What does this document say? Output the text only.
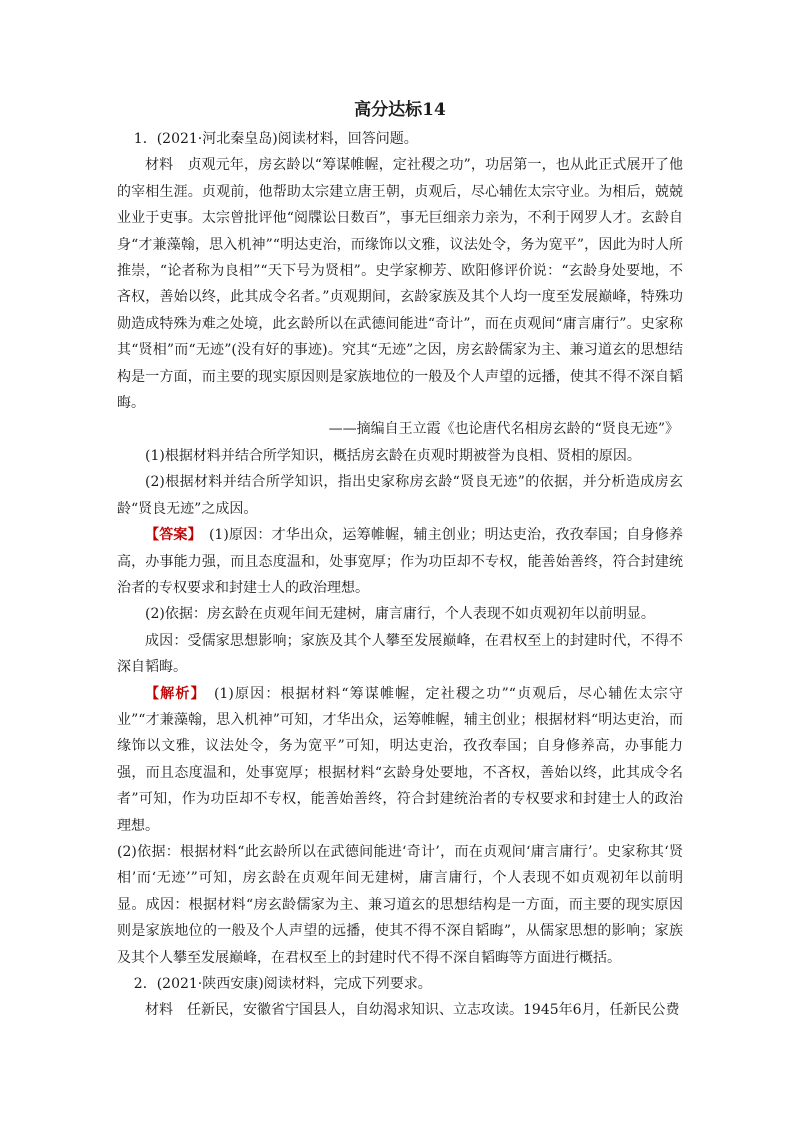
高分达标14

1．(2021·河北秦皇岛)阅读材料，回答问题。

材料　贞观元年，房玄龄以“筹谋帷幄，定社稷之功”，功居第一，也从此正式展开了他的宰相生涯。贞观前，他帮助太宗建立唐王朝，贞观后，尽心辅佐太宗守业。为相后，兢兢业业于吏事。太宗曾批评他“阅牒讼日数百”，事无巨细亲力亲为，不利于网罗人才。玄龄自身“才兼藻翰，思入机神”“明达吏治，而缘饰以文雅，议法处令，务为宽平”，因此为时人所推崇，“论者称为良相”“天下号为贤相”。史学家柳芳、欧阳修评价说：“玄龄身处要地，不吝权，善始以终，此其成令名者。”贞观期间，玄龄家族及其个人均一度至发展巅峰，特殊功勋造成特殊为难之处境，此玄龄所以在武德间能进“奇计”，而在贞观间“庸言庸行”。史家称其“贤相”而“无迹”(没有好的事迹)。究其“无迹”之因，房玄龄儒家为主、兼习道玄的思想结构是一方面，而主要的现实原因则是家族地位的一般及个人声望的远播，使其不得不深自韬晦。

——摘编自王立霞《也论唐代名相房玄龄的“贤良无迹”》

(1)根据材料并结合所学知识，概括房玄龄在贞观时期被誉为良相、贤相的原因。

(2)根据材料并结合所学知识，指出史家称房玄龄“贤良无迹”的依据，并分析造成房玄龄“贤良无迹”之成因。

【答案】　(1)原因：才华出众，运筹帷幄，辅主创业；明达吏治，孜孜奉国；自身修养高，办事能力强，而且态度温和，处事宽厚；作为功臣却不专权，能善始善终，符合封建统治者的专权要求和封建士人的政治理想。

(2)依据：房玄龄在贞观年间无建树，庸言庸行，个人表现不如贞观初年以前明显。

成因：受儒家思想影响；家族及其个人攀至发展巅峰，在君权至上的封建时代，不得不深自韬晦。

【解析】　(1)原因：根据材料“筹谋帷幄，定社稷之功”“贞观后，尽心辅佐太宗守业”“才兼藻翰，思入机神”可知，才华出众，运筹帷幄，辅主创业；根据材料“明达吏治，而缘饰以文雅，议法处令，务为宽平”可知，明达吏治，孜孜奉国；自身修养高，办事能力强，而且态度温和，处事宽厚；根据材料“玄龄身处要地，不吝权，善始以终，此其成令名者”可知，作为功臣却不专权，能善始善终，符合封建统治者的专权要求和封建士人的政治理想。

(2)依据：根据材料“此玄龄所以在武德间能进‘奇计’，而在贞观间‘庸言庸行’。史家称其‘贤相’而‘无迹’”可知，房玄龄在贞观年间无建树，庸言庸行，个人表现不如贞观初年以前明显。成因：根据材料“房玄龄儒家为主、兼习道玄的思想结构是一方面，而主要的现实原因则是家族地位的一般及个人声望的远播，使其不得不深自韬晦”，从儒家思想的影响；家族及其个人攀至发展巅峰，在君权至上的封建时代不得不深自韬晦等方面进行概括。

2．(2021·陕西安康)阅读材料，完成下列要求。

材料　任新民，安徽省宁国县人，自幼渴求知识、立志攻读。1945年6月，任新民公费
